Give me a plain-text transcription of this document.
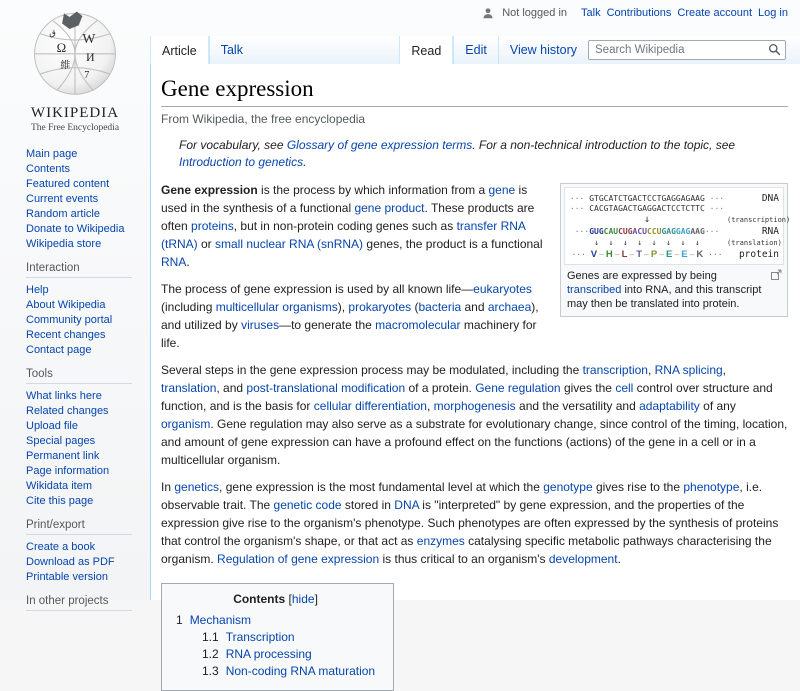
Not logged in	Talk Contributions Create account Log in
W
Ω
И
維
7
ق
WIKIPEDIA
The Free Encyclopedia
Main page
Contents
Featured content
Current events
Random article
Donate to Wikipedia
Wikipedia store
Interaction
Help
About Wikipedia
Community portal
Recent changes
Contact page
Tools
What links here
Related changes
Upload file
Special pages
Permanent link
Page information
Wikidata item
Cite this page
Print/export
Create a book
Download as PDF
Printable version
In other projects
Article	Talk	Read	Edit	View history
Search Wikipedia
Gene expression
From Wikipedia, the free encyclopedia
For vocabulary, see Glossary of gene expression terms. For a non-technical introduction to the topic, see Introduction to genetics.
··· GTGCATCTGACTCCTGAGGAGAAG ···	DNA
··· CACGTAGACTGAGGACTCCTCTTC ···
↓	(transcription)
···GUGCAUCUGACUCCUGAGGAGAAG···	RNA
↓ ↓ ↓ ↓ ↓ ↓ ↓ ↓	(translation)
··· V – H – L – T – P – E – E – K ···	protein
Genes are expressed by being transcribed into RNA, and this transcript may then be translated into protein.

Gene expression is the process by which information from a gene is used in the synthesis of a functional gene product. These products are often proteins, but in non-protein coding genes such as transfer RNA (tRNA) or small nuclear RNA (snRNA) genes, the product is a functional RNA.

The process of gene expression is used by all known life—eukaryotes (including multicellular organisms), prokaryotes (bacteria and archaea), and utilized by viruses—to generate the macromolecular machinery for life.

Several steps in the gene expression process may be modulated, including the transcription, RNA splicing, translation, and post-translational modification of a protein. Gene regulation gives the cell control over structure and function, and is the basis for cellular differentiation, morphogenesis and the versatility and adaptability of any organism. Gene regulation may also serve as a substrate for evolutionary change, since control of the timing, location, and amount of gene expression can have a profound effect on the functions (actions) of the gene in a cell or in a multicellular organism.

In genetics, gene expression is the most fundamental level at which the genotype gives rise to the phenotype, i.e. observable trait. The genetic code stored in DNA is "interpreted" by gene expression, and the properties of the expression give rise to the organism's phenotype. Such phenotypes are often expressed by the synthesis of proteins that control the organism's shape, or that act as enzymes catalysing specific metabolic pathways characterising the organism. Regulation of gene expression is thus critical to an organism's development.

Contents [hide]
1 Mechanism
1.1 Transcription
1.2 RNA processing
1.3 Non-coding RNA maturation
